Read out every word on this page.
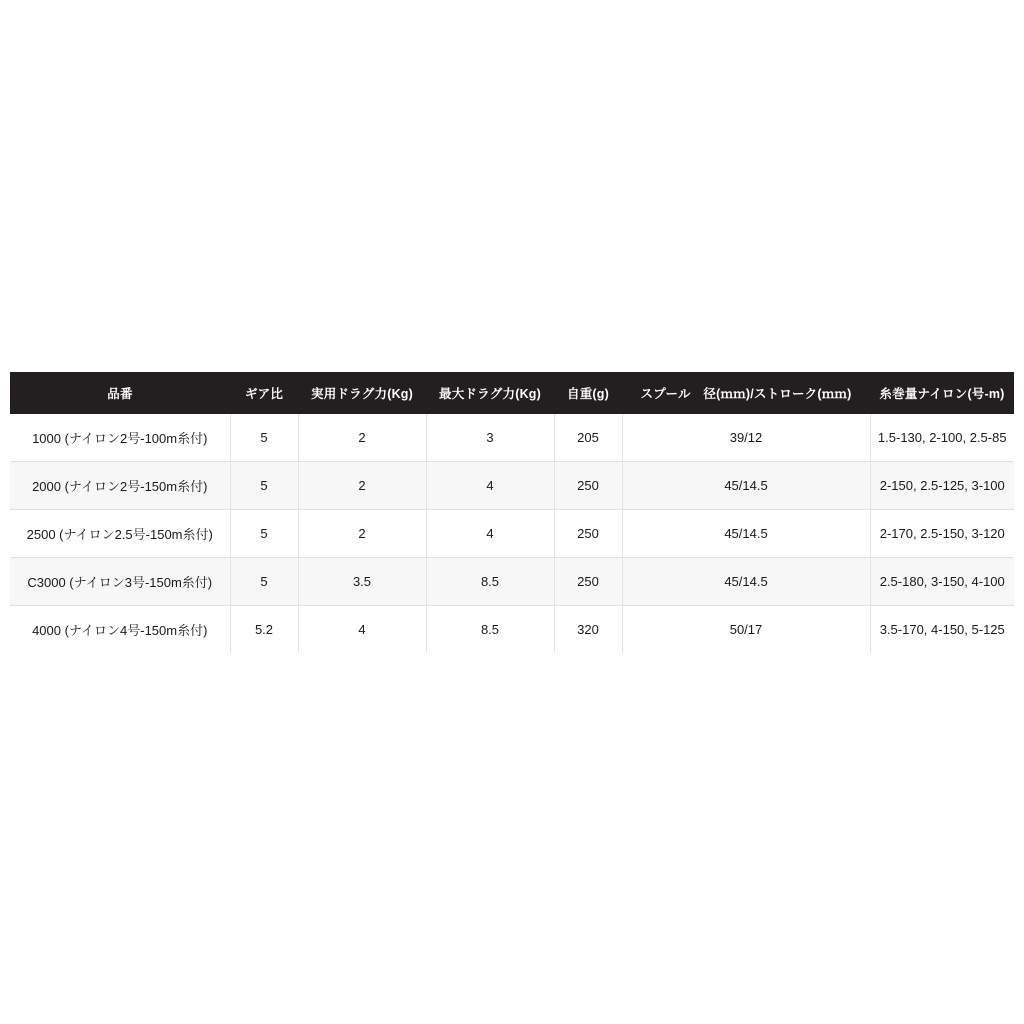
品番	ギア比	実用ドラグ力(Kg)	最大ドラグ力(Kg)	自重(g)	スプール　径(ｍｍ)/ストローク(ｍｍ)	糸巻量ナイロン(号-m)
1000 (ナイロン2号-100m糸付)	5	2	3	205	39/12	1.5-130, 2-100, 2.5-85
2000 (ナイロン2号-150m糸付)	5	2	4	250	45/14.5	2-150, 2.5-125, 3-100
2500 (ナイロン2.5号-150m糸付)	5	2	4	250	45/14.5	2-170, 2.5-150, 3-120
C3000 (ナイロン3号-150m糸付)	5	3.5	8.5	250	45/14.5	2.5-180, 3-150, 4-100
4000 (ナイロン4号-150m糸付)	5.2	4	8.5	320	50/17	3.5-170, 4-150, 5-125
